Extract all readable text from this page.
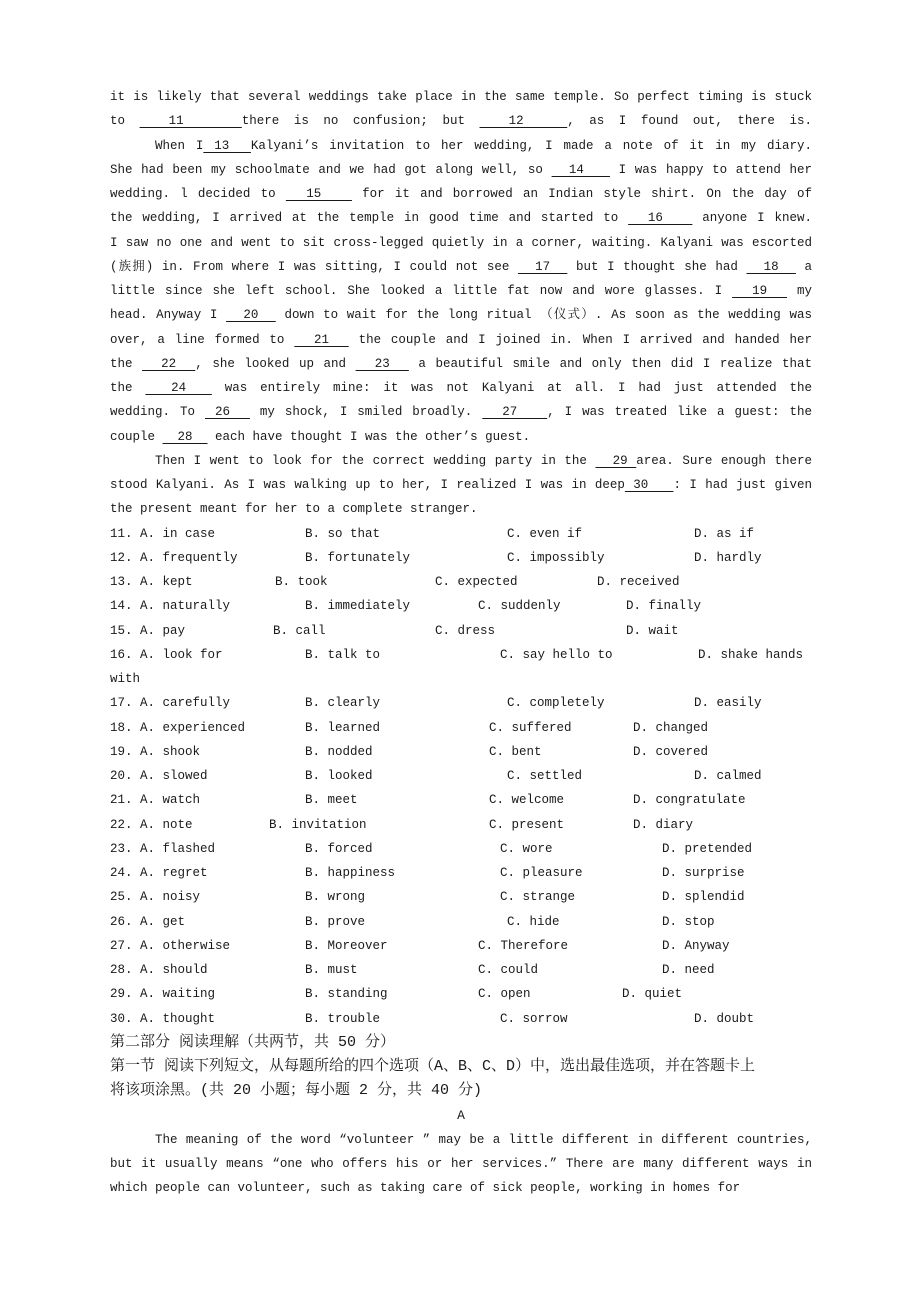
it is likely that several weddings take place in the same temple. So perfect timing is stuck
to   11    there is no confusion; but   12   , as I found out, there is.
When I 13  Kalyani’s invitation to her wedding, I made a note of it in my diary.
She had been my schoolmate and we had got along well, so   14    I was happy to attend her
wedding. l decided to   15    for it and borrowed an Indian style shirt. On the day of
the wedding, I arrived at the temple in good time and started to   16    anyone I knew.
I saw no one and went to sit cross-legged quietly in a corner, waiting. Kalyani was escorted
(族拥) in. From where I was sitting, I could not see   17   but I thought she had   18   a
little since she left school. She looked a little fat now and wore glasses. I   19   my
head. Anyway I   20   down to wait for the long ritual （仪式）. As soon as the wedding was
over, a line formed to   21   the couple and I joined in. When I arrived and handed her
the   22  , she looked up and   23   a beautiful smile and only then did I realize that
the   24   was entirely mine: it was not Kalyani at all. I had just attended the
wedding. To  26   my shock, I smiled broadly.   27   , I was treated like a guest: the
couple   28   each have thought I was the other’s guest.
Then I went to look for the correct wedding party in the   29 area. Sure enough there
stood Kalyani. As I was walking up to her, I realized I was in deep 30   : I had just given
the present meant for her to a complete stranger.
11. A. in case	B. so that	C. even if	D. as if
12. A. frequently	B. fortunately	C. impossibly	D. hardly
13. A. kept	B. took	C. expected	D. received
14. A. naturally	B. immediately	C. suddenly	D. finally
15. A. pay	B. call	C. dress	D. wait
16. A. look for	B. talk to	C. say hello to	D. shake hands
with
17. A. carefully	B. clearly	C. completely	D. easily
18. A. experienced	B. learned	C. suffered	D. changed
19. A. shook	B. nodded	C. bent	D. covered
20. A. slowed	B. looked	C. settled	D. calmed
21. A. watch	B. meet	C. welcome	D. congratulate
22. A. note	B. invitation	C. present	D. diary
23. A. flashed	B. forced	C. wore	D. pretended
24. A. regret	B. happiness	C. pleasure	D. surprise
25. A. noisy	B. wrong	C. strange	D. splendid
26. A. get	B. prove	C. hide	D. stop
27. A. otherwise	B. Moreover	C. Therefore	D. Anyway
28. A. should	B. must	C. could	D. need
29. A. waiting	B. standing	C. open	D. quiet
30. A. thought	B. trouble	C. sorrow	D. doubt
第二部分 阅读理解（共两节，共 50 分）
第一节 阅读下列短文，从每题所给的四个选项（A、B、C、D）中，选出最佳选项，并在答题卡上
将该项涂黑。(共 20 小题；每小题 2 分，共 40 分)
A
The meaning of the word “volunteer ” may be a little different in different countries, but it usually means “one who offers his or her services.” There are many different ways in which people can volunteer, such as taking care of sick people, working in homes for
